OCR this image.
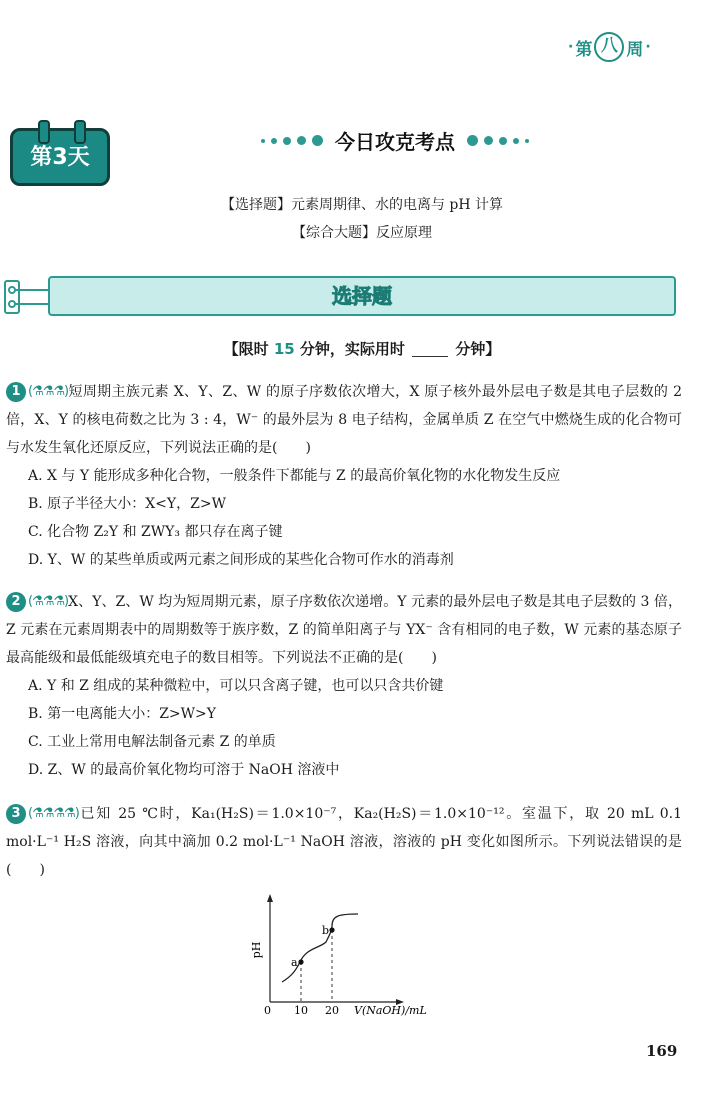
· 第 八 周 ·
第3天
今日攻克考点
【选择题】元素周期律、水的电离与 pH 计算
【综合大题】反应原理
选择题
【限时 15 分钟，实际用时	分钟】
1 (⚗⚗⚗) 短周期主族元素 X、Y、Z、W 的原子序数依次增大，X 原子核外最外层电子数是其电子层数的 2 倍，X、Y 的核电荷数之比为 3 : 4，W⁻ 的最外层为 8 电子结构，金属单质 Z 在空气中燃烧生成的化合物可与水发生氧化还原反应，下列说法正确的是(　　)
A. X 与 Y 能形成多种化合物，一般条件下都能与 Z 的最高价氧化物的水化物发生反应
B. 原子半径大小：X<Y，Z>W
C. 化合物 Z₂Y 和 ZWY₃ 都只存在离子键
D. Y、W 的某些单质或两元素之间形成的某些化合物可作水的消毒剂
2 (⚗⚗⚗) X、Y、Z、W 均为短周期元素，原子序数依次递增。Y 元素的最外层电子数是其电子层数的 3 倍，Z 元素在元素周期表中的周期数等于族序数，Z 的简单阳离子与 YX⁻ 含有相同的电子数，W 元素的基态原子最高能级和最低能级填充电子的数目相等。下列说法不正确的是(　　)
A. Y 和 Z 组成的某种微粒中，可以只含离子键，也可以只含共价键
B. 第一电离能大小：Z>W>Y
C. 工业上常用电解法制备元素 Z 的单质
D. Z、W 的最高价氧化物均可溶于 NaOH 溶液中
3 (⚗⚗⚗⚗) 已知 25 ℃时，Ka₁(H₂S)＝1.0×10⁻⁷，Ka₂(H₂S)＝1.0×10⁻¹²。室温下，取 20 mL 0.1 mol·L⁻¹ H₂S 溶液，向其中滴加 0.2 mol·L⁻¹ NaOH 溶液，溶液的 pH 变化如图所示。下列说法错误的是(　　)
pH
0 10 20 V(NaOH)/mL
a
b
169
